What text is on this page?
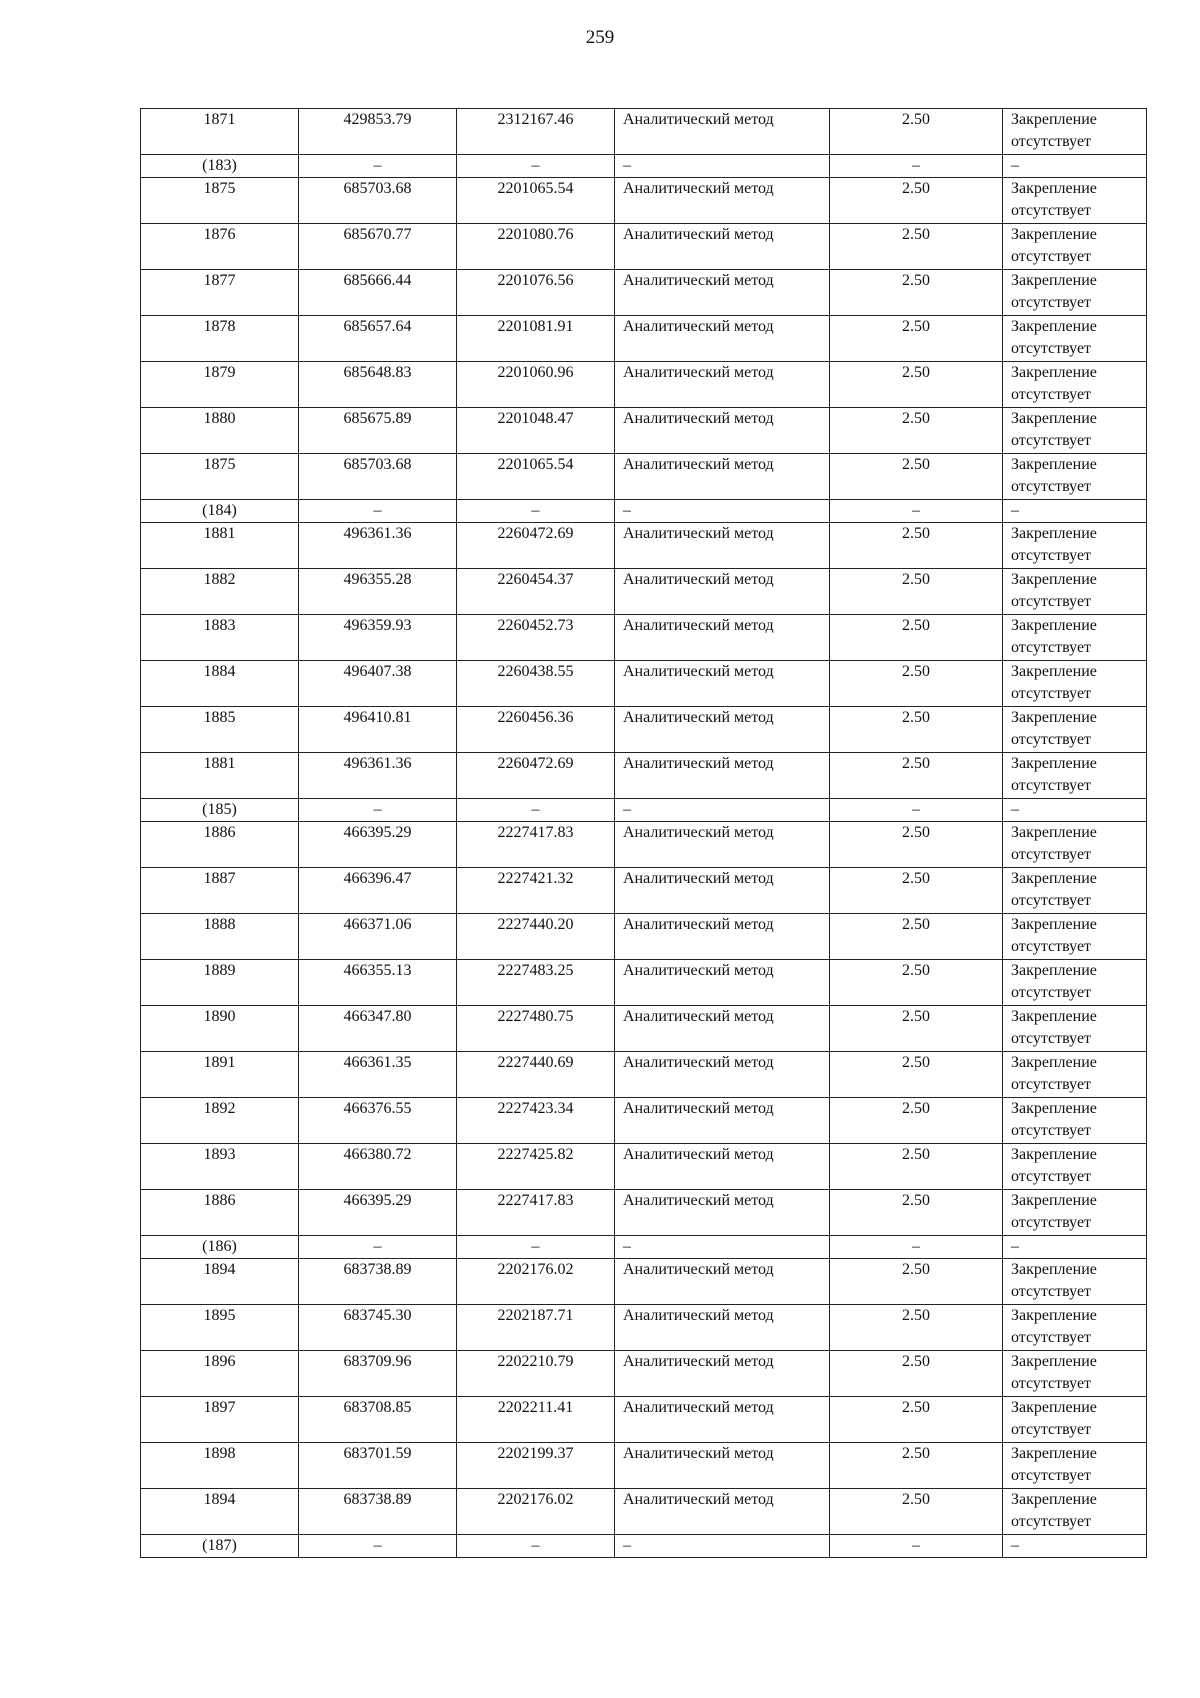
259
1871	429853.79	2312167.46	Аналитический метод	2.50	Закрепление отсутствует
(183)	–	–	–	–	–
1875	685703.68	2201065.54	Аналитический метод	2.50	Закрепление отсутствует
1876	685670.77	2201080.76	Аналитический метод	2.50	Закрепление отсутствует
1877	685666.44	2201076.56	Аналитический метод	2.50	Закрепление отсутствует
1878	685657.64	2201081.91	Аналитический метод	2.50	Закрепление отсутствует
1879	685648.83	2201060.96	Аналитический метод	2.50	Закрепление отсутствует
1880	685675.89	2201048.47	Аналитический метод	2.50	Закрепление отсутствует
1875	685703.68	2201065.54	Аналитический метод	2.50	Закрепление отсутствует
(184)	–	–	–	–	–
1881	496361.36	2260472.69	Аналитический метод	2.50	Закрепление отсутствует
1882	496355.28	2260454.37	Аналитический метод	2.50	Закрепление отсутствует
1883	496359.93	2260452.73	Аналитический метод	2.50	Закрепление отсутствует
1884	496407.38	2260438.55	Аналитический метод	2.50	Закрепление отсутствует
1885	496410.81	2260456.36	Аналитический метод	2.50	Закрепление отсутствует
1881	496361.36	2260472.69	Аналитический метод	2.50	Закрепление отсутствует
(185)	–	–	–	–	–
1886	466395.29	2227417.83	Аналитический метод	2.50	Закрепление отсутствует
1887	466396.47	2227421.32	Аналитический метод	2.50	Закрепление отсутствует
1888	466371.06	2227440.20	Аналитический метод	2.50	Закрепление отсутствует
1889	466355.13	2227483.25	Аналитический метод	2.50	Закрепление отсутствует
1890	466347.80	2227480.75	Аналитический метод	2.50	Закрепление отсутствует
1891	466361.35	2227440.69	Аналитический метод	2.50	Закрепление отсутствует
1892	466376.55	2227423.34	Аналитический метод	2.50	Закрепление отсутствует
1893	466380.72	2227425.82	Аналитический метод	2.50	Закрепление отсутствует
1886	466395.29	2227417.83	Аналитический метод	2.50	Закрепление отсутствует
(186)	–	–	–	–	–
1894	683738.89	2202176.02	Аналитический метод	2.50	Закрепление отсутствует
1895	683745.30	2202187.71	Аналитический метод	2.50	Закрепление отсутствует
1896	683709.96	2202210.79	Аналитический метод	2.50	Закрепление отсутствует
1897	683708.85	2202211.41	Аналитический метод	2.50	Закрепление отсутствует
1898	683701.59	2202199.37	Аналитический метод	2.50	Закрепление отсутствует
1894	683738.89	2202176.02	Аналитический метод	2.50	Закрепление отсутствует
(187)	–	–	–	–	–
